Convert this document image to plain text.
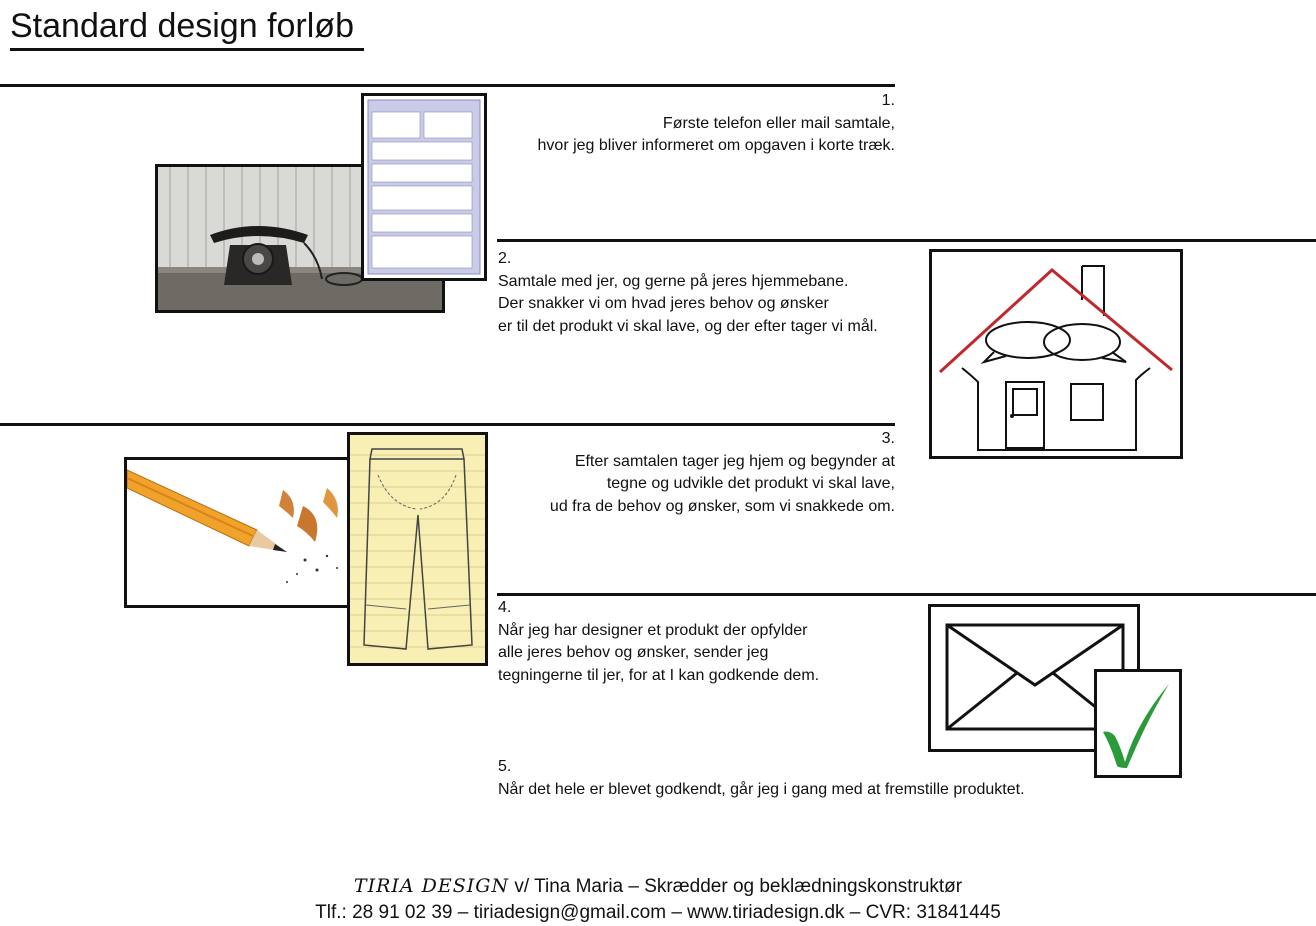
Standard design forløb
1.
Første telefon eller mail samtale,
hvor jeg bliver informeret om opgaven i korte træk.
2.
Samtale med jer, og gerne på jeres hjemmebane.
Der snakker vi om hvad jeres behov og ønsker
er til det produkt vi skal lave, og der efter tager vi mål.
3.
Efter samtalen tager jeg hjem og begynder at
tegne og udvikle det produkt vi skal lave,
ud fra de behov og ønsker, som vi snakkede om.
4.
Når jeg har designer et produkt der opfylder
alle jeres behov og ønsker, sender jeg
tegningerne til jer, for at I kan godkende dem.
5.
Når det hele er blevet godkendt, går jeg i gang med at fremstille produktet.
TIRIA DESIGN v/ Tina Maria – Skrædder og beklædningskonstruktør
Tlf.: 28 91 02 39 – tiriadesign@gmail.com – www.tiriadesign.dk – CVR: 31841445
